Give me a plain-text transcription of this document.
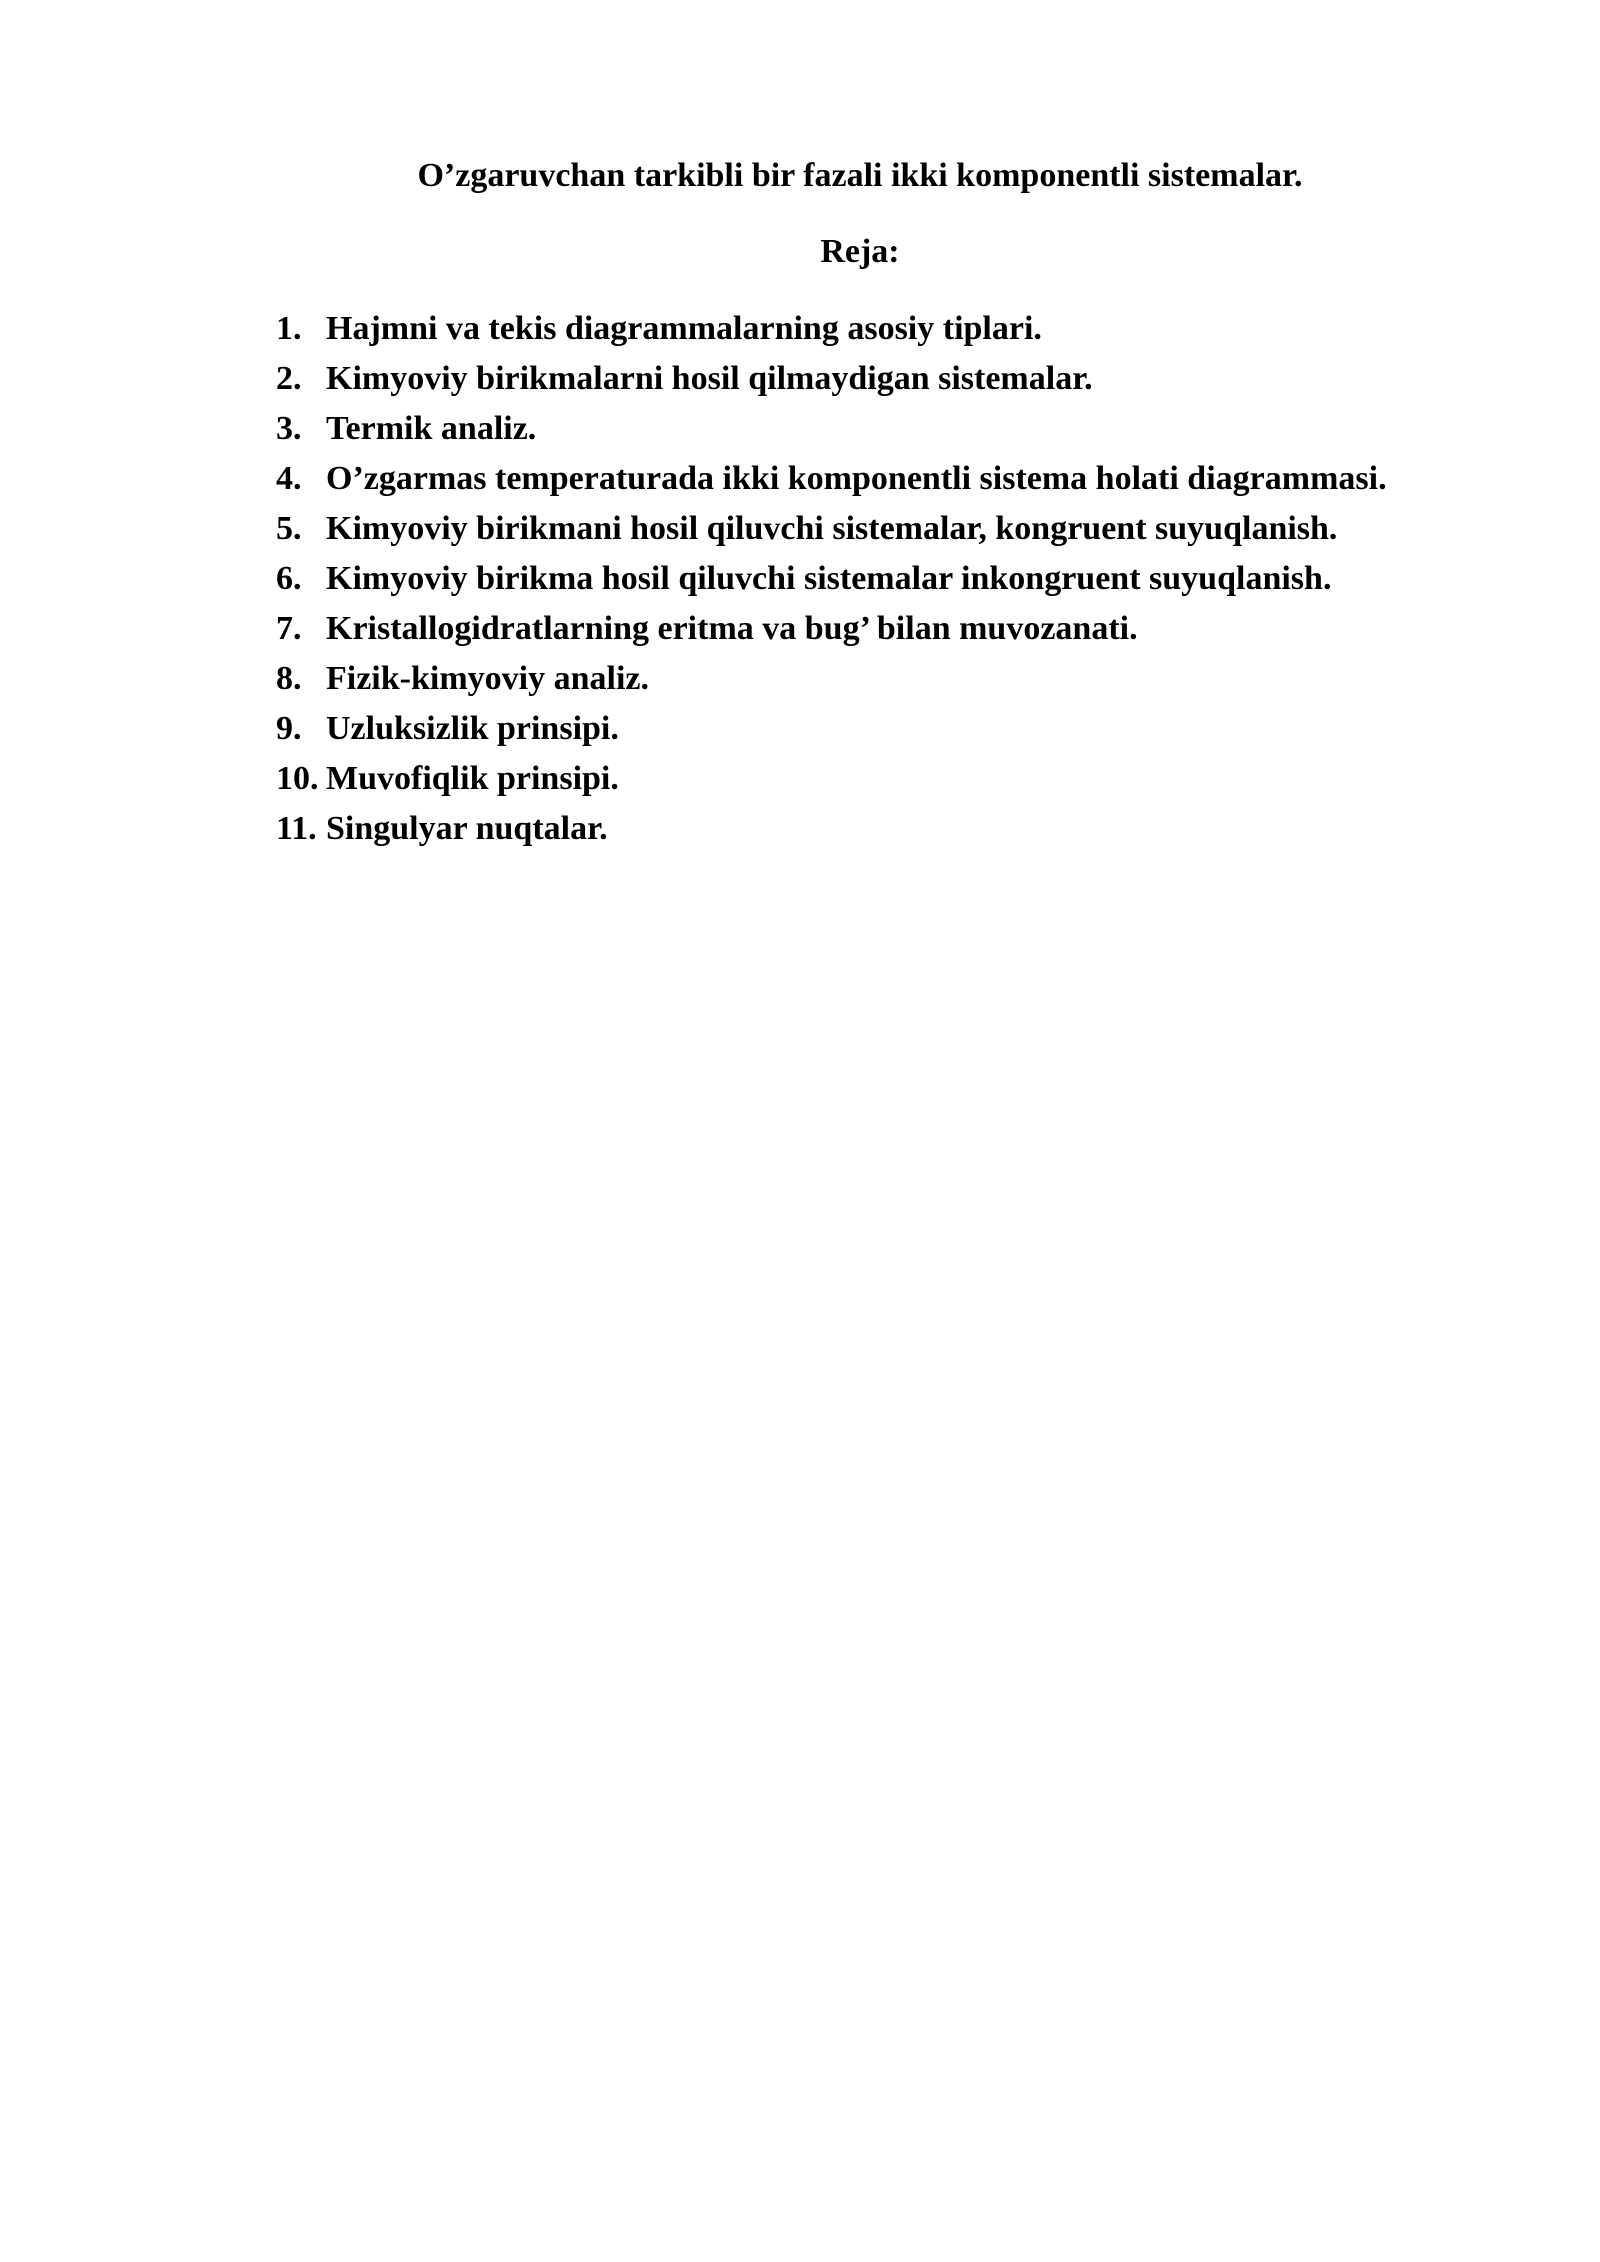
O’zgaruvchan tarkibli bir fazali ikki komponentli sistemalar.
Reja:
1. Hajmni va tekis diagrammalarning asosiy tiplari.
2. Kimyoviy birikmalarni hosil qilmaydigan sistemalar.
3. Termik analiz.
4. O’zgarmas temperaturada ikki komponentli sistema holati diagrammasi.
5. Kimyoviy birikmani hosil qiluvchi sistemalar, kongruent suyuqlanish.
6. Kimyoviy birikma hosil qiluvchi sistemalar inkongruent suyuqlanish.
7. Kristallogidratlarning eritma va bug’ bilan muvozanati.
8. Fizik-kimyoviy analiz.
9. Uzluksizlik prinsipi.
10. Muvofiqlik prinsipi.
11. Singulyar nuqtalar.
